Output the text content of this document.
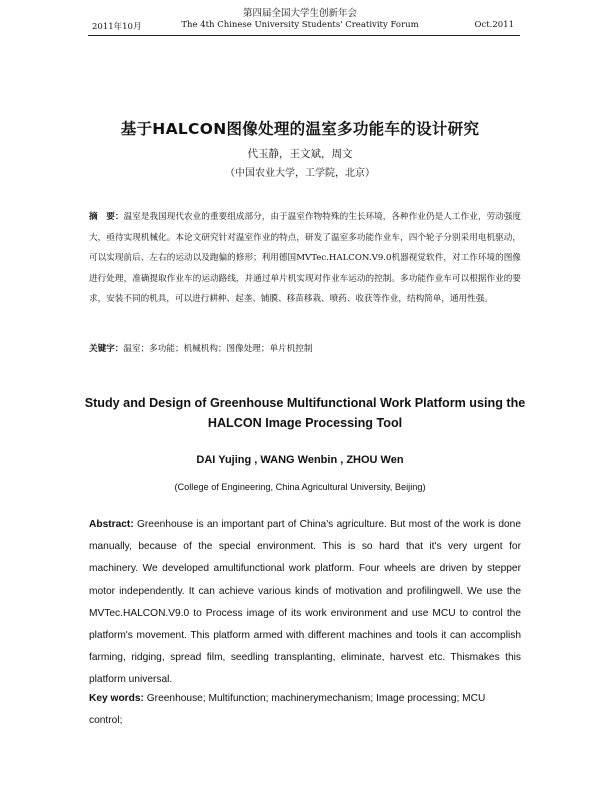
第四届全国大学生创新年会
2011年10月	The 4th Chinese University Students' Creativity Forum	Oct.2011
基于HALCON图像处理的温室多功能车的设计研究
代玉静，王文斌，周文
（中国农业大学，工学院，北京）
摘　要：温室是我国现代农业的重要组成部分，由于温室作物特殊的生长环境，各种作业仍是人工作业，劳动强度大，亟待实现机械化。本论文研究针对温室作业的特点，研发了温室多功能作业车，四个轮子分别采用电机驱动，可以实现前后、左右的运动以及跑偏的修形；利用德国MVTec.HALCON.V9.0机器视觉软件，对工作环境的图像进行处理，准确提取作业车的运动路线，并通过单片机实现对作业车运动的控制。多功能作业车可以根据作业的要求，安装不同的机具，可以进行耕种、起垄、铺膜、移苗移栽、喷药、收获等作业，结构简单，通用性强。
关键字：温室；多功能；机械机构；图像处理；单片机控制
Study and Design of Greenhouse Multifunctional Work Platform using the HALCON Image Processing Tool
DAI Yujing , WANG Wenbin , ZHOU Wen
(College of Engineering, China Agricultural University, Beijing)
Abstract: Greenhouse is an important part of China's agriculture. But most of the work is done manually, because of the special environment. This is so hard that it's very urgent for machinery. We developed amultifunctional work platform. Four wheels are driven by stepper motor independently. It can achieve various kinds of motivation and profilingwell. We use the MVTec.HALCON.V9.0 to Process image of its work environment and use MCU to control the platform's movement. This platform armed with different machines and tools it can accomplish farming, ridging, spread film, seedling transplanting, eliminate, harvest etc. Thismakes this platform universal.
Key words: Greenhouse; Multifunction; machinerymechanism; Image processing; MCU control;
